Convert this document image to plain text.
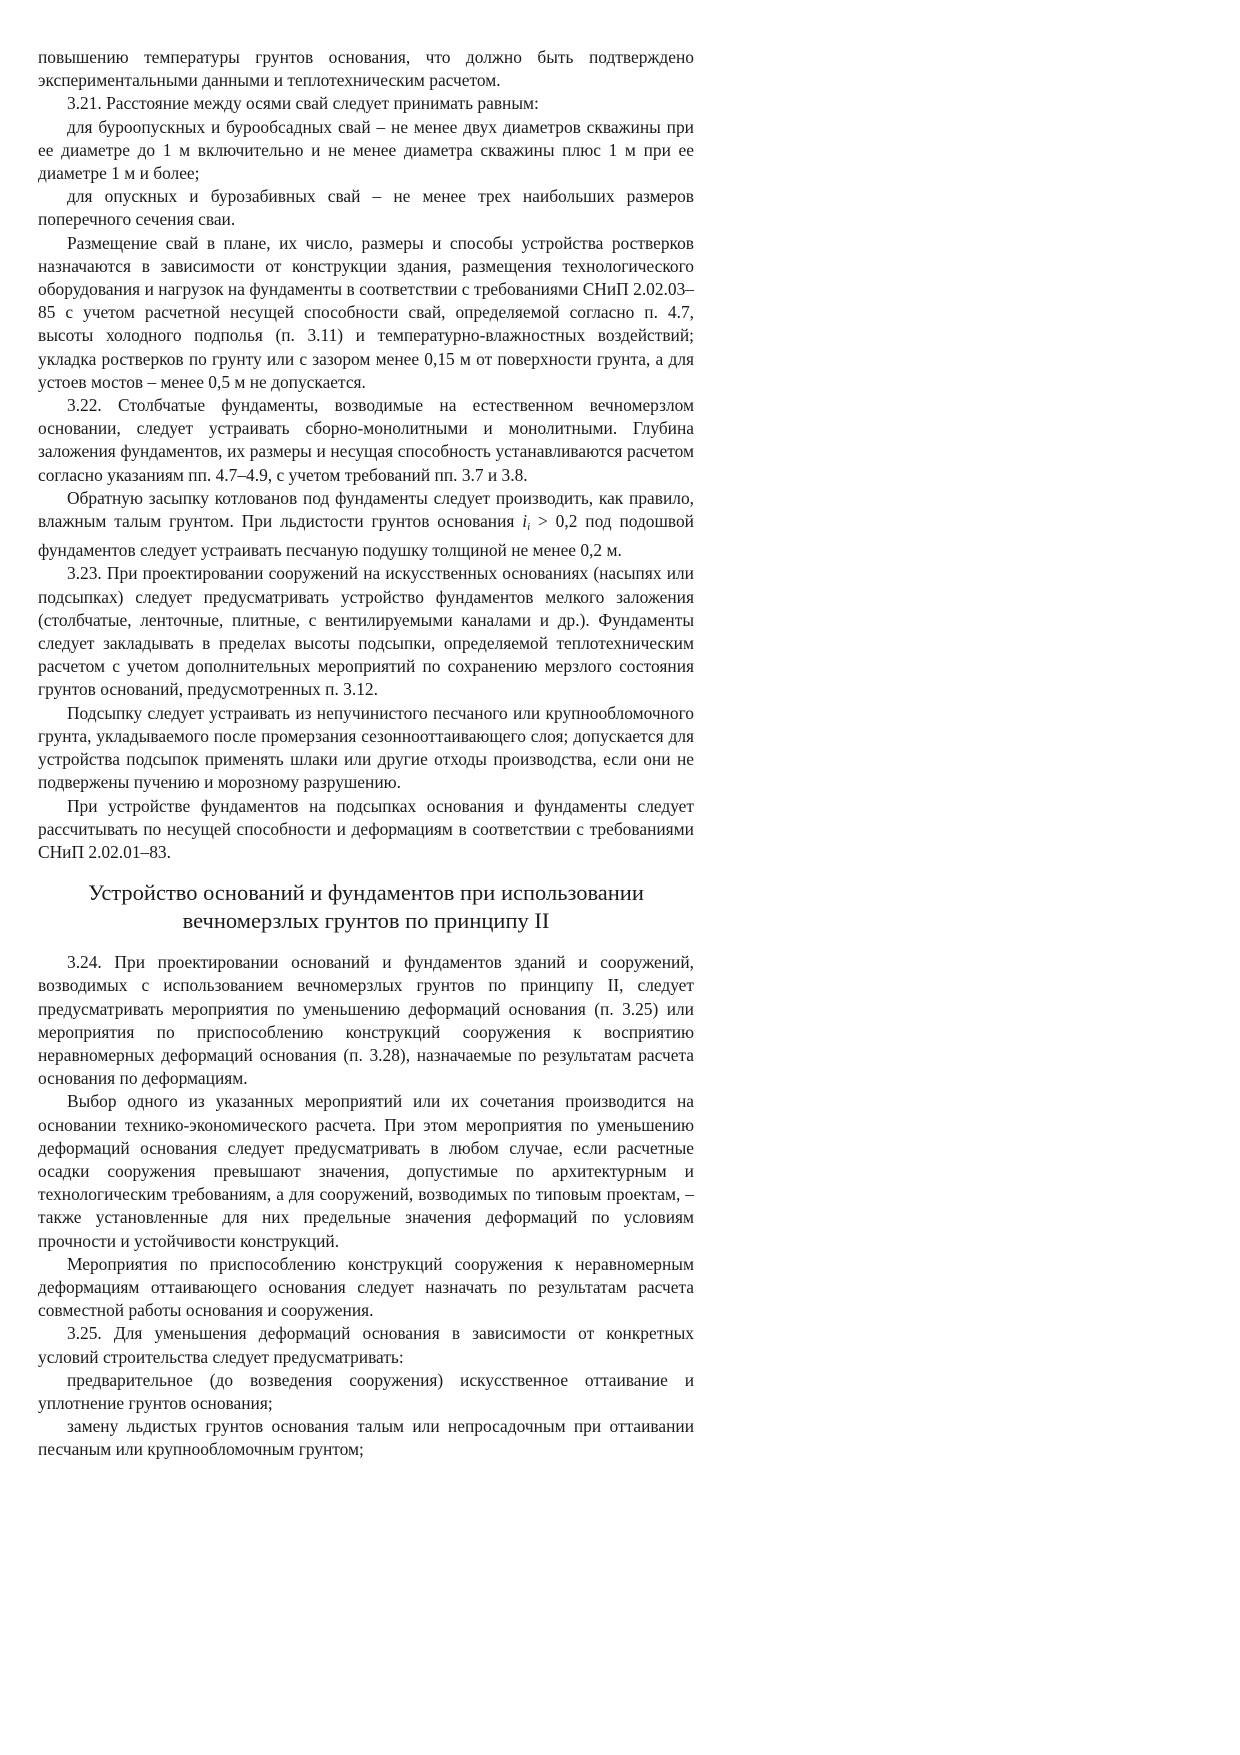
повышению температуры грунтов основания, что должно быть подтверждено экспериментальными данными и теплотехническим расчетом.

3.21. Расстояние между осями свай следует принимать равным:

для буроопускных и бурообсадных свай – не менее двух диаметров скважины при ее диаметре до 1 м включительно и не менее диаметра скважины плюс 1 м при ее диаметре 1 м и более;

для опускных и бурозабивных свай – не менее трех наибольших размеров поперечного сечения сваи.

Размещение свай в плане, их число, размеры и способы устройства ростверков назначаются в зависимости от конструкции здания, размещения технологического оборудования и нагрузок на фундаменты в соответствии с требованиями СНиП 2.02.03–85 с учетом расчетной несущей способности свай, определяемой согласно п. 4.7, высоты холодного подполья (п. 3.11) и температурно-влажностных воздействий; укладка ростверков по грунту или с зазором менее 0,15 м от поверхности грунта, а для устоев мостов – менее 0,5 м не допускается.

3.22. Столбчатые фундаменты, возводимые на естественном вечномерзлом основании, следует устраивать сборно-монолитными и монолитными. Глубина заложения фундаментов, их размеры и несущая способность устанавливаются расчетом согласно указаниям пп. 4.7–4.9, с учетом требований пп. 3.7 и 3.8.

Обратную засыпку котлованов под фундаменты следует производить, как правило, влажным талым грунтом. При льдистости грунтов основания $i_i > 0,2$ под подошвой фундаментов следует устраивать песчаную подушку толщиной не менее 0,2 м.

3.23. При проектировании сооружений на искусственных основаниях (насыпях или подсыпках) следует предусматривать устройство фундаментов мелкого заложения (столбчатые, ленточные, плитные, с вентилируемыми каналами и др.). Фундаменты следует закладывать в пределах высоты подсыпки, определяемой теплотехническим расчетом с учетом дополнительных мероприятий по сохранению мерзлого состояния грунтов оснований, предусмотренных п. 3.12.

Подсыпку следует устраивать из непучинистого песчаного или крупнообломочного грунта, укладываемого после промерзания сезоннооттаивающего слоя; допускается для устройства подсыпок применять шлаки или другие отходы производства, если они не подвержены пучению и морозному разрушению.

При устройстве фундаментов на подсыпках основания и фундаменты следует рассчитывать по несущей способности и деформациям в соответствии с требованиями СНиП 2.02.01–83.

Устройство оснований и фундаментов при использовании
вечномерзлых грунтов по принципу II

3.24. При проектировании оснований и фундаментов зданий и сооружений, возводимых с использованием вечномерзлых грунтов по принципу II, следует предусматривать мероприятия по уменьшению деформаций основания (п. 3.25) или мероприятия по приспособлению конструкций сооружения к восприятию неравномерных деформаций основания (п. 3.28), назначаемые по результатам расчета основания по деформациям.

Выбор одного из указанных мероприятий или их сочетания производится на основании технико-экономического расчета. При этом мероприятия по уменьшению деформаций основания следует предусматривать в любом случае, если расчетные осадки сооружения превышают значения, допустимые по архитектурным и технологическим требованиям, а для сооружений, возводимых по типовым проектам, – также установленные для них предельные значения деформаций по условиям прочности и устойчивости конструкций.

Мероприятия по приспособлению конструкций сооружения к неравномерным деформациям оттаивающего основания следует назначать по результатам расчета совместной работы основания и сооружения.

3.25. Для уменьшения деформаций основания в зависимости от конкретных условий строительства следует предусматривать:

предварительное (до возведения сооружения) искусственное оттаивание и уплотнение грунтов основания;

замену льдистых грунтов основания талым или непросадочным при оттаивании песчаным или крупнообломочным грунтом;
